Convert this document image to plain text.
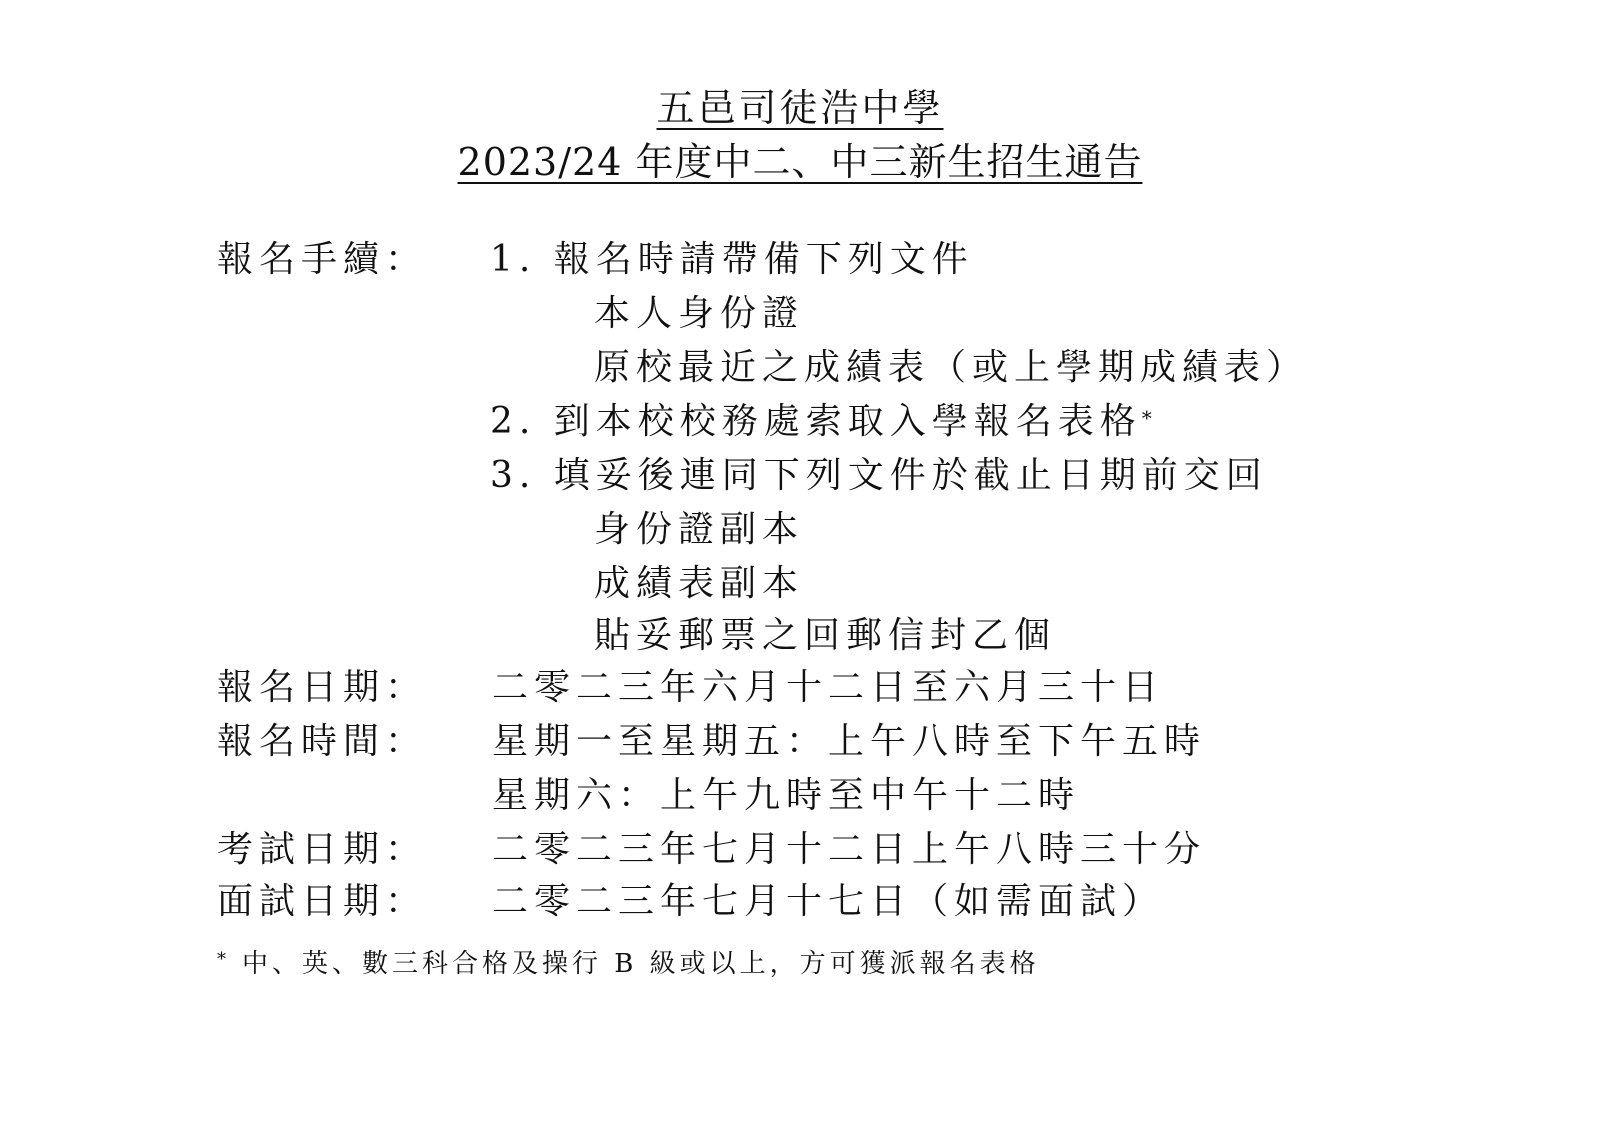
五邑司徒浩中學
2023/24 年度中二、中三新生招生通告
報名手續： 1. 報名時請帶備下列文件
本人身份證
原校最近之成績表（或上學期成績表）
2. 到本校校務處索取入學報名表格*
3. 填妥後連同下列文件於截止日期前交回
身份證副本
成績表副本
貼妥郵票之回郵信封乙個
報名日期： 二零二三年六月十二日至六月三十日
報名時間： 星期一至星期五：上午八時至下午五時
星期六：上午九時至中午十二時
考試日期： 二零二三年七月十二日上午八時三十分
面試日期： 二零二三年七月十七日（如需面試）
* 中、英、數三科合格及操行 B 級或以上，方可獲派報名表格
